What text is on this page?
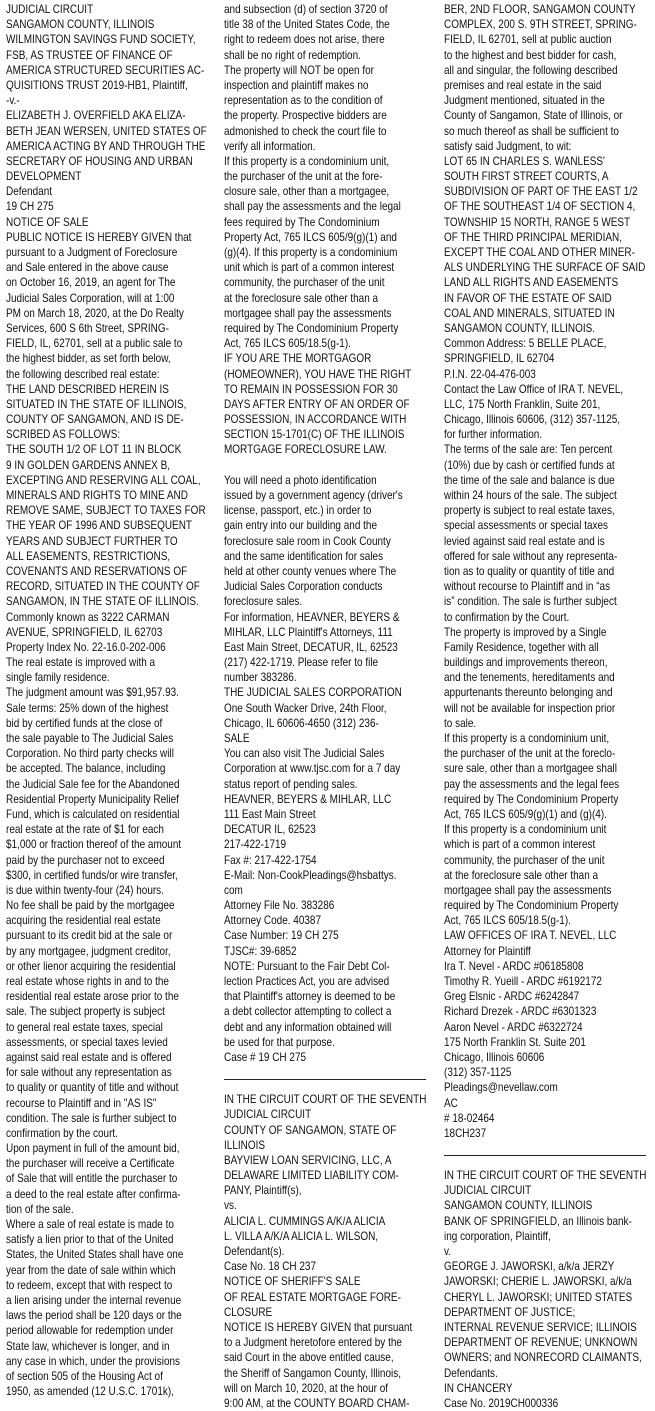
JUDICIAL CIRCUIT
SANGAMON COUNTY, ILLINOIS
WILMINGTON SAVINGS FUND SOCIETY,
FSB, AS TRUSTEE OF FINANCE OF
AMERICA STRUCTURED SECURITIES AC-
QUISITIONS TRUST 2019-HB1, Plaintiff,
-v.-
ELIZABETH J. OVERFIELD AKA ELIZA-
BETH JEAN WERSEN, UNITED STATES OF
AMERICA ACTING BY AND THROUGH THE
SECRETARY OF HOUSING AND URBAN
DEVELOPMENT
Defendant
19 CH 275
NOTICE OF SALE
PUBLIC NOTICE IS HEREBY GIVEN that
pursuant to a Judgment of Foreclosure
and Sale entered in the above cause
on October 16, 2019, an agent for The
Judicial Sales Corporation, will at 1:00
PM on March 18, 2020, at the Do Realty
Services, 600 S 6th Street, SPRING-
FIELD, IL, 62701, sell at a public sale to
the highest bidder, as set forth below,
the following described real estate:
THE LAND DESCRIBED HEREIN IS
SITUATED IN THE STATE OF ILLINOIS,
COUNTY OF SANGAMON, AND IS DE-
SCRIBED AS FOLLOWS:
THE SOUTH 1/2 OF LOT 11 IN BLOCK
9 IN GOLDEN GARDENS ANNEX B,
EXCEPTING AND RESERVING ALL COAL,
MINERALS AND RIGHTS TO MINE AND
REMOVE SAME, SUBJECT TO TAXES FOR
THE YEAR OF 1996 AND SUBSEQUENT
YEARS AND SUBJECT FURTHER TO
ALL EASEMENTS, RESTRICTIONS,
COVENANTS AND RESERVATIONS OF
RECORD, SITUATED IN THE COUNTY OF
SANGAMON, IN THE STATE OF ILLINOIS.
Commonly known as 3222 CARMAN
AVENUE, SPRINGFIELD, IL 62703
Property Index No. 22-16.0-202-006
The real estate is improved with a
single family residence.
The judgment amount was $91,957.93.
Sale terms: 25% down of the highest
bid by certified funds at the close of
the sale payable to The Judicial Sales
Corporation. No third party checks will
be accepted. The balance, including
the Judicial Sale fee for the Abandoned
Residential Property Municipality Relief
Fund, which is calculated on residential
real estate at the rate of $1 for each
$1,000 or fraction thereof of the amount
paid by the purchaser not to exceed
$300, in certified funds/or wire transfer,
is due within twenty-four (24) hours.
No fee shall be paid by the mortgagee
acquiring the residential real estate
pursuant to its credit bid at the sale or
by any mortgagee, judgment creditor,
or other lienor acquiring the residential
real estate whose rights in and to the
residential real estate arose prior to the
sale. The subject property is subject
to general real estate taxes, special
assessments, or special taxes levied
against said real estate and is offered
for sale without any representation as
to quality or quantity of title and without
recourse to Plaintiff and in "AS IS"
condition. The sale is further subject to
confirmation by the court.
Upon payment in full of the amount bid,
the purchaser will receive a Certificate
of Sale that will entitle the purchaser to
a deed to the real estate after confirma-
tion of the sale.
Where a sale of real estate is made to
satisfy a lien prior to that of the United
States, the United States shall have one
year from the date of sale within which
to redeem, except that with respect to
a lien arising under the internal revenue
laws the period shall be 120 days or the
period allowable for redemption under
State law, whichever is longer, and in
any case in which, under the provisions
of section 505 of the Housing Act of
1950, as amended (12 U.S.C. 1701k),
and subsection (d) of section 3720 of
title 38 of the United States Code, the
right to redeem does not arise, there
shall be no right of redemption.
The property will NOT be open for
inspection and plaintiff makes no
representation as to the condition of
the property. Prospective bidders are
admonished to check the court file to
verify all information.
If this property is a condominium unit,
the purchaser of the unit at the fore-
closure sale, other than a mortgagee,
shall pay the assessments and the legal
fees required by The Condominium
Property Act, 765 ILCS 605/9(g)(1) and
(g)(4). If this property is a condominium
unit which is part of a common interest
community, the purchaser of the unit
at the foreclosure sale other than a
mortgagee shall pay the assessments
required by The Condominium Property
Act, 765 ILCS 605/18.5(g-1).
IF YOU ARE THE MORTGAGOR
(HOMEOWNER), YOU HAVE THE RIGHT
TO REMAIN IN POSSESSION FOR 30
DAYS AFTER ENTRY OF AN ORDER OF
POSSESSION, IN ACCORDANCE WITH
SECTION 15-1701(C) OF THE ILLINOIS
MORTGAGE FORECLOSURE LAW.
You will need a photo identification
issued by a government agency (driver's
license, passport, etc.) in order to
gain entry into our building and the
foreclosure sale room in Cook County
and the same identification for sales
held at other county venues where The
Judicial Sales Corporation conducts
foreclosure sales.
For information, HEAVNER, BEYERS &
MIHLAR, LLC Plaintiff's Attorneys, 111
East Main Street, DECATUR, IL, 62523
(217) 422-1719. Please refer to file
number 383286.
THE JUDICIAL SALES CORPORATION
One South Wacker Drive, 24th Floor,
Chicago, IL 60606-4650 (312) 236-
SALE
You can also visit The Judicial Sales
Corporation at www.tjsc.com for a 7 day
status report of pending sales.
HEAVNER, BEYERS & MIHLAR, LLC
111 East Main Street
DECATUR IL, 62523
217-422-1719
Fax #: 217-422-1754
E-Mail: Non-CookPleadings@hsbattys.
com
Attorney File No. 383286
Attorney Code. 40387
Case Number: 19 CH 275
TJSC#: 39-6852
NOTE: Pursuant to the Fair Debt Col-
lection Practices Act, you are advised
that Plaintiff's attorney is deemed to be
a debt collector attempting to collect a
debt and any information obtained will
be used for that purpose.
Case # 19 CH 275
IN THE CIRCUIT COURT OF THE SEVENTH
JUDICIAL CIRCUIT
COUNTY OF SANGAMON, STATE OF
ILLINOIS
BAYVIEW LOAN SERVICING, LLC, A
DELAWARE LIMITED LIABILITY COM-
PANY, Plaintiff(s),
vs.
ALICIA L. CUMMINGS A/K/A ALICIA
L. VILLA A/K/A ALICIA L. WILSON,
Defendant(s).
Case No. 18 CH 237
NOTICE OF SHERIFF'S SALE
OF REAL ESTATE MORTGAGE FORE-
CLOSURE
NOTICE IS HEREBY GIVEN that pursuant
to a Judgment heretofore entered by the
said Court in the above entitled cause,
the Sheriff of Sangamon County, Illinois,
will on March 10, 2020, at the hour of
9:00 AM, at the COUNTY BOARD CHAM-
BER, 2ND FLOOR, SANGAMON COUNTY
COMPLEX, 200 S. 9TH STREET, SPRING-
FIELD, IL 62701, sell at public auction
to the highest and best bidder for cash,
all and singular, the following described
premises and real estate in the said
Judgment mentioned, situated in the
County of Sangamon, State of Illinois, or
so much thereof as shall be sufficient to
satisfy said Judgment, to wit:
LOT 65 IN CHARLES S. WANLESS'
SOUTH FIRST STREET COURTS, A
SUBDIVISION OF PART OF THE EAST 1/2
OF THE SOUTHEAST 1/4 OF SECTION 4,
TOWNSHIP 15 NORTH, RANGE 5 WEST
OF THE THIRD PRINCIPAL MERIDIAN,
EXCEPT THE COAL AND OTHER MINER-
ALS UNDERLYING THE SURFACE OF SAID
LAND ALL RIGHTS AND EASEMENTS
IN FAVOR OF THE ESTATE OF SAID
COAL AND MINERALS, SITUATED IN
SANGAMON COUNTY, ILLINOIS.
Common Address: 5 BELLE PLACE,
SPRINGFIELD, IL 62704
P.I.N. 22-04-476-003
Contact the Law Office of IRA T. NEVEL,
LLC, 175 North Franklin, Suite 201,
Chicago, Illinois 60606, (312) 357-1125,
for further information.
The terms of the sale are: Ten percent
(10%) due by cash or certified funds at
the time of the sale and balance is due
within 24 hours of the sale. The subject
property is subject to real estate taxes,
special assessments or special taxes
levied against said real estate and is
offered for sale without any representa-
tion as to quality or quantity of title and
without recourse to Plaintiff and in “as
is” condition. The sale is further subject
to confirmation by the Court.
The property is improved by a Single
Family Residence, together with all
buildings and improvements thereon,
and the tenements, hereditaments and
appurtenants thereunto belonging and
will not be available for inspection prior
to sale.
If this property is a condominium unit,
the purchaser of the unit at the foreclo-
sure sale, other than a mortgagee shall
pay the assessments and the legal fees
required by The Condominium Property
Act, 765 ILCS 605/9(g)(1) and (g)(4).
If this property is a condominium unit
which is part of a common interest
community, the purchaser of the unit
at the foreclosure sale other than a
mortgagee shall pay the assessments
required by The Condominium Property
Act, 765 ILCS 605/18.5(g-1).
LAW OFFICES OF IRA T. NEVEL, LLC
Attorney for Plaintiff
Ira T. Nevel - ARDC #06185808
Timothy R. Yueill - ARDC #6192172
Greg Elsnic - ARDC #6242847
Richard Drezek - ARDC #6301323
Aaron Nevel - ARDC #6322724
175 North Franklin St. Suite 201
Chicago, Illinois 60606
(312) 357-1125
Pleadings@nevellaw.com
AC
# 18-02464
18CH237
IN THE CIRCUIT COURT OF THE SEVENTH
JUDICIAL CIRCUIT
SANGAMON COUNTY, ILLINOIS
BANK OF SPRINGFIELD, an Illinois bank-
ing corporation, Plaintiff,
v.
GEORGE J. JAWORSKI, a/k/a JERZY
JAWORSKI; CHERIE L. JAWORSKI, a/k/a
CHERYL L. JAWORSKI; UNITED STATES
DEPARTMENT OF JUSTICE;
INTERNAL REVENUE SERVICE; ILLINOIS
DEPARTMENT OF REVENUE; UNKNOWN
OWNERS; and NONRECORD CLAIMANTS,
Defendants.
IN CHANCERY
Case No. 2019CH000336
